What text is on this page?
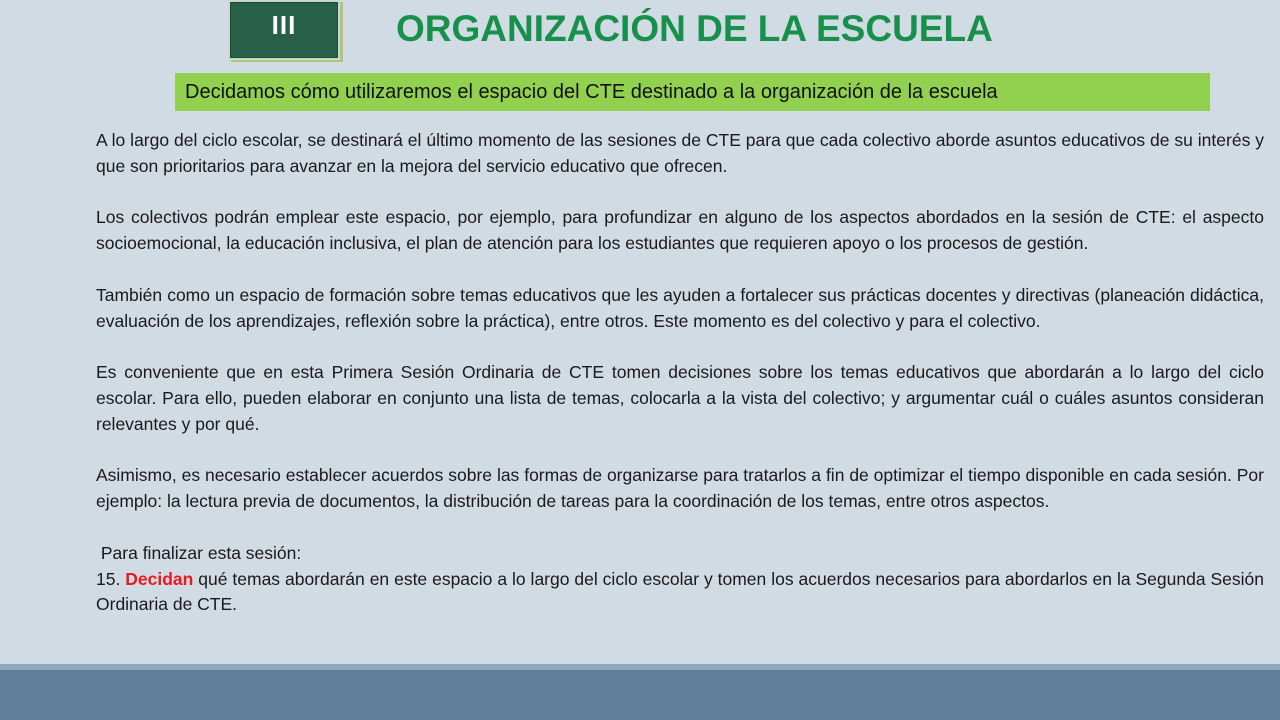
III	ORGANIZACIÓN DE LA ESCUELA
Decidamos cómo utilizaremos el espacio del CTE destinado a la organización de la escuela

A lo largo del ciclo escolar, se destinará el último momento de las sesiones de CTE para que cada colectivo aborde asuntos educativos de su interés y que son prioritarios para avanzar en la mejora del servicio educativo que ofrecen.

Los colectivos podrán emplear este espacio, por ejemplo, para profundizar en alguno de los aspectos abordados en la sesión de CTE: el aspecto socioemocional, la educación inclusiva, el plan de atención para los estudiantes que requieren apoyo o los procesos de gestión.

También como un espacio de formación sobre temas educativos que les ayuden a fortalecer sus prácticas docentes y directivas (planeación didáctica, evaluación de los aprendizajes, reflexión sobre la práctica), entre otros. Este momento es del colectivo y para el colectivo.

Es conveniente que en esta Primera Sesión Ordinaria de CTE tomen decisiones sobre los temas educativos que abordarán a lo largo del ciclo escolar. Para ello, pueden elaborar en conjunto una lista de temas, colocarla a la vista del colectivo; y argumentar cuál o cuáles asuntos consideran relevantes y por qué.

Asimismo, es necesario establecer acuerdos sobre las formas de organizarse para tratarlos a fin de optimizar el tiempo disponible en cada sesión. Por ejemplo: la lectura previa de documentos, la distribución de tareas para la coordinación de los temas, entre otros aspectos.

Para finalizar esta sesión:

15. Decidan qué temas abordarán en este espacio a lo largo del ciclo escolar y tomen los acuerdos necesarios para abordarlos en la Segunda Sesión Ordinaria de CTE.
